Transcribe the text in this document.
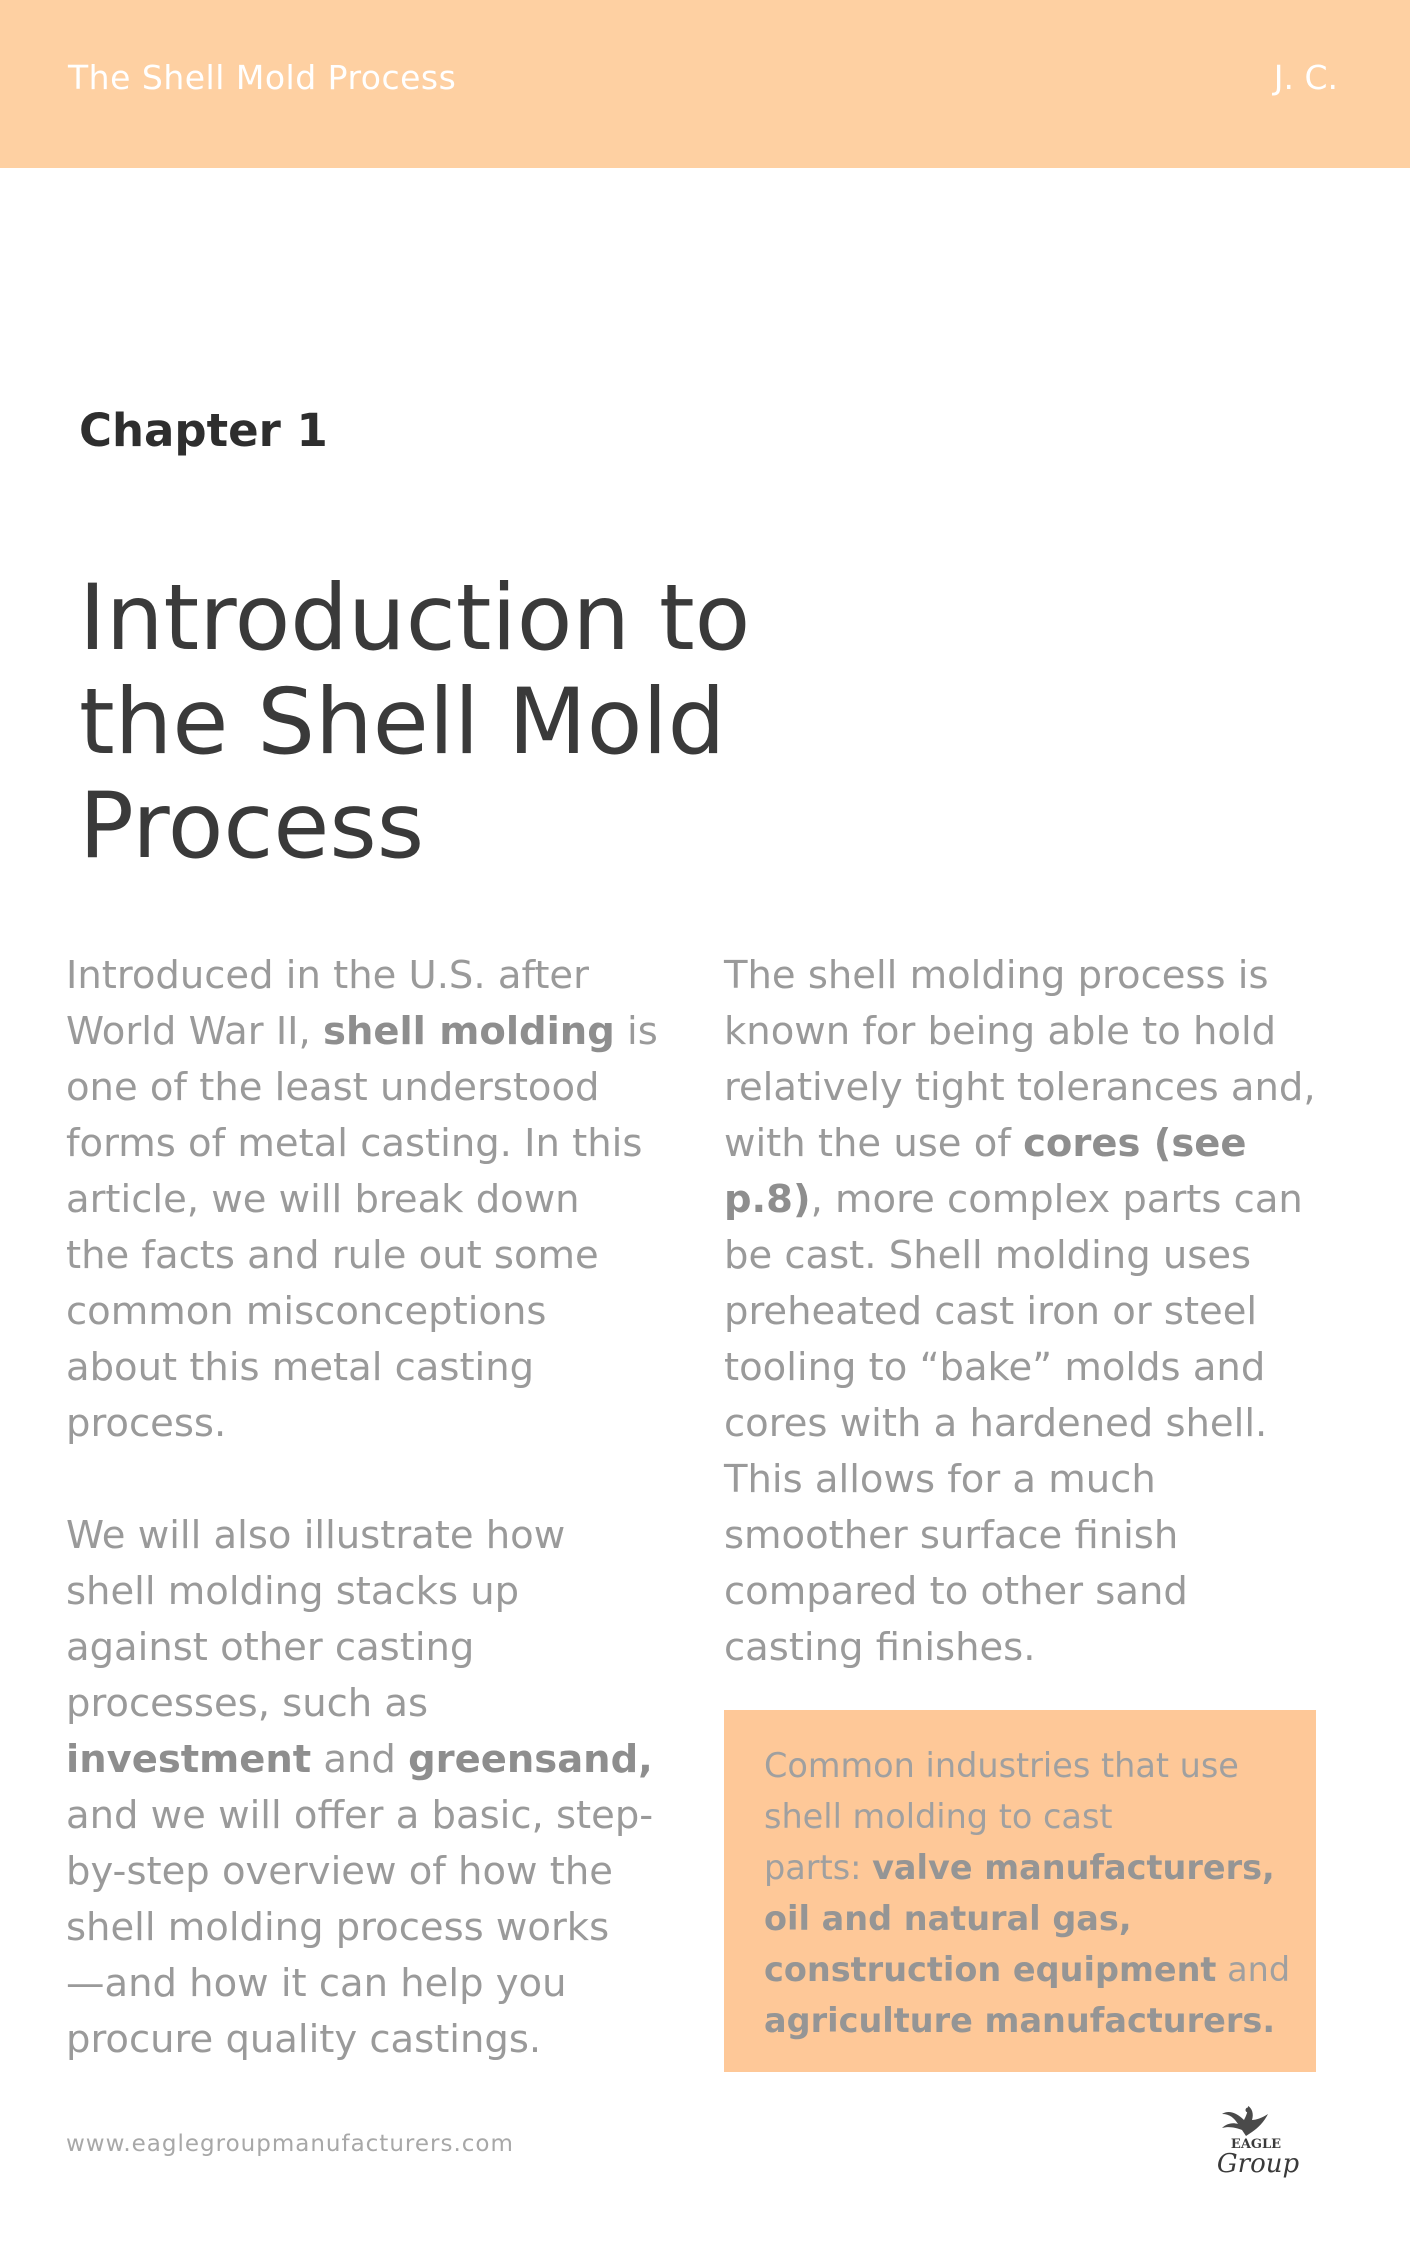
The Shell Mold Process	J. C.
Chapter 1
Introduction to
the Shell Mold
Process

Introduced in the U.S. after

World War II, shell molding is

one of the least understood

forms of metal casting. In this

article, we will break down

the facts and rule out some

common misconceptions

about this metal casting

process.

We will also illustrate how

shell molding stacks up

against other casting

processes, such as

investment and greensand,

and we will offer a basic, step-

by-step overview of how the

shell molding process works

—and how it can help you

procure quality castings.

The shell molding process is

known for being able to hold

relatively tight tolerances and,

with the use of cores (see

p.8), more complex parts can

be cast. Shell molding uses

preheated cast iron or steel

tooling to “bake” molds and

cores with a hardened shell.

This allows for a much

smoother surface finish

compared to other sand

casting finishes.

Common industries that use

shell molding to cast

parts: valve manufacturers,

oil and natural gas,

construction equipment and

agriculture manufacturers.

www.eaglegroupmanufacturers.com	EAGLE
Group
